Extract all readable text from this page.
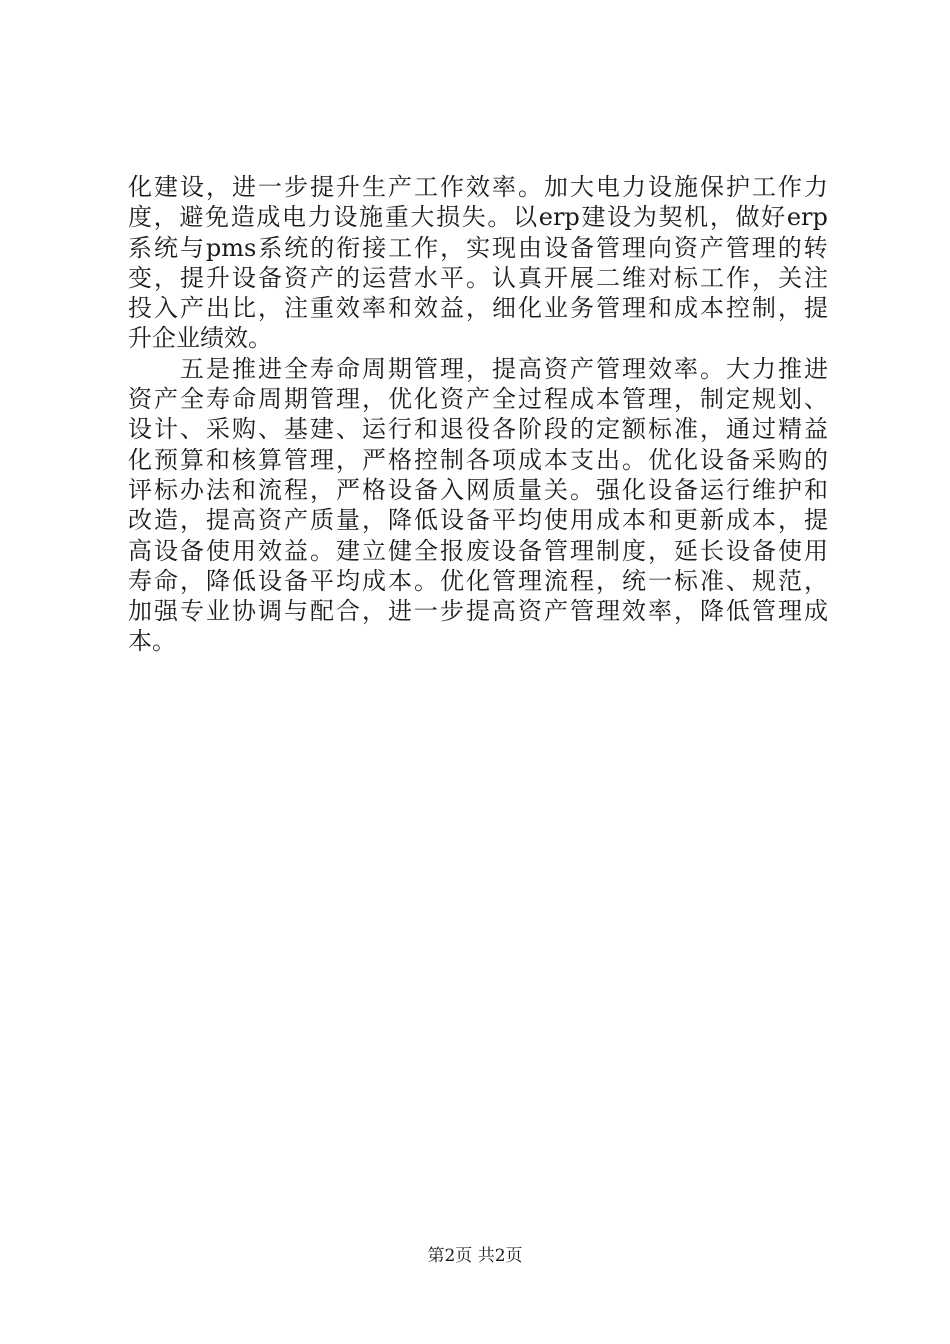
化 建 设 ， 进 一 步 提 升 生 产 工 作 效 率 。 加 大 电 力 设 施 保 护 工 作 力
度 ， 避 免 造 成 电 力 设 施 重 大 损 失 。 以 erp 建 设 为 契 机 ， 做 好 erp
系 统 与 pms 系 统 的 衔 接 工 作 ， 实 现 由 设 备 管 理 向 资 产 管 理 的 转
变 ， 提 升 设 备 资 产 的 运 营 水 平 。 认 真 开 展 二 维 对 标 工 作 ， 关 注
投 入 产 出 比 ， 注 重 效 率 和 效 益 ， 细 化 业 务 管 理 和 成 本 控 制 ， 提
升企业绩效。

五 是 推 进 全 寿 命 周 期 管 理 ， 提 高 资 产 管 理 效 率 。 大 力 推 进
资 产 全 寿 命 周 期 管 理 ， 优 化 资 产 全 过 程 成 本 管 理 ， 制 定 规 划 、
设 计 、 采 购 、 基 建 、 运 行 和 退 役 各 阶 段 的 定 额 标 准 ， 通 过 精 益
化 预 算 和 核 算 管 理 ， 严 格 控 制 各 项 成 本 支 出 。 优 化 设 备 采 购 的
评 标 办 法 和 流 程 ， 严 格 设 备 入 网 质 量 关 。 强 化 设 备 运 行 维 护 和
改 造 ， 提 高 资 产 质 量 ， 降 低 设 备 平 均 使 用 成 本 和 更 新 成 本 ， 提
高 设 备 使 用 效 益 。 建 立 健 全 报 废 设 备 管 理 制 度 ， 延 长 设 备 使 用
寿 命 ， 降 低 设 备 平 均 成 本 。 优 化 管 理 流 程 ， 统 一 标 准 、 规 范 ，
加 强 专 业 协 调 与 配 合 ， 进 一 步 提 高 资 产 管 理 效 率 ， 降 低 管 理 成
本。
第2页 共2页
